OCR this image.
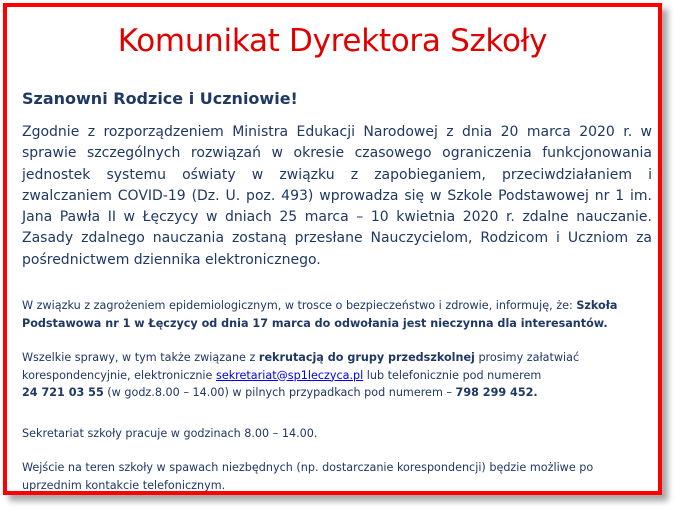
Komunikat Dyrektora Szkoły
Szanowni Rodzice i Uczniowie!

Zgodnie z rozporządzeniem Ministra Edukacji Narodowej z dnia 20 marca 2020 r. w sprawie szczególnych rozwiązań w okresie czasowego ograniczenia funkcjonowania jednostek systemu oświaty w związku z zapobieganiem, przeciwdziałaniem i zwalczaniem COVID-19 (Dz. U. poz. 493) wprowadza się w Szkole Podstawowej nr 1 im. Jana Pawła II w Łęczycy w dniach 25 marca – 10 kwietnia 2020 r. zdalne nauczanie. Zasady zdalnego nauczania zostaną przesłane Nauczycielom, Rodzicom i Uczniom za pośrednictwem dziennika elektronicznego.

W związku z zagrożeniem epidemiologicznym, w trosce o bezpieczeństwo i zdrowie, informuję, że: Szkoła Podstawowa nr 1 w Łęczycy od dnia 17 marca do odwołania jest nieczynna dla interesantów.

Wszelkie sprawy, w tym także związane z rekrutacją do grupy przedszkolnej prosimy załatwiać korespondencyjnie, elektronicznie sekretariat@sp1leczyca.pl lub telefonicznie pod numerem
24 721 03 55 (w godz.8.00 – 14.00) w pilnych przypadkach pod numerem – 798 299 452.

Sekretariat szkoły pracuje w godzinach 8.00 – 14.00.

Wejście na teren szkoły w spawach niezbędnych (np. dostarczanie korespondencji) będzie możliwe po uprzednim kontakcie telefonicznym.
